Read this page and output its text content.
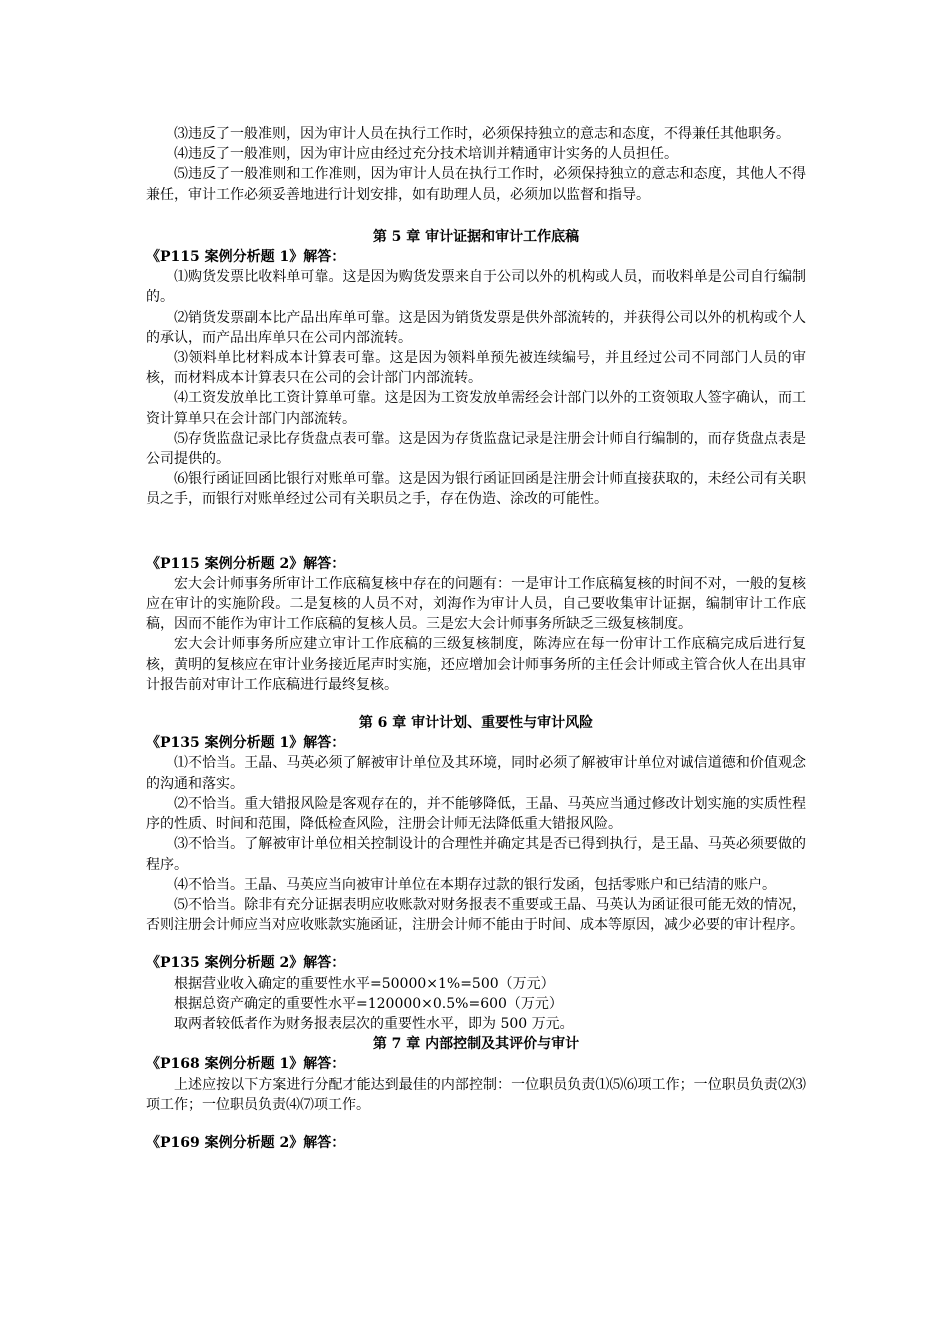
⑶违反了一般准则，因为审计人员在执行工作时，必须保持独立的意志和态度，不得兼任其他职务。
⑷违反了一般准则，因为审计应由经过充分技术培训并精通审计实务的人员担任。
⑸违反了一般准则和工作准则，因为审计人员在执行工作时，必须保持独立的意志和态度，其他人不得兼任，审计工作必须妥善地进行计划安排，如有助理人员，必须加以监督和指导。
第 5 章 审计证据和审计工作底稿
《P115 案例分析题 1》解答：
⑴购货发票比收料单可靠。这是因为购货发票来自于公司以外的机构或人员，而收料单是公司自行编制的。
⑵销货发票副本比产品出库单可靠。这是因为销货发票是供外部流转的，并获得公司以外的机构或个人的承认，而产品出库单只在公司内部流转。
⑶领料单比材料成本计算表可靠。这是因为领料单预先被连续编号，并且经过公司不同部门人员的审核，而材料成本计算表只在公司的会计部门内部流转。
⑷工资发放单比工资计算单可靠。这是因为工资发放单需经会计部门以外的工资领取人签字确认，而工资计算单只在会计部门内部流转。
⑸存货监盘记录比存货盘点表可靠。这是因为存货监盘记录是注册会计师自行编制的，而存货盘点表是公司提供的。
⑹银行函证回函比银行对账单可靠。这是因为银行函证回函是注册会计师直接获取的，未经公司有关职员之手，而银行对账单经过公司有关职员之手，存在伪造、涂改的可能性。
《P115 案例分析题 2》解答：
宏大会计师事务所审计工作底稿复核中存在的问题有：一是审计工作底稿复核的时间不对，一般的复核应在审计的实施阶段。二是复核的人员不对，刘海作为审计人员，自己要收集审计证据，编制审计工作底稿，因而不能作为审计工作底稿的复核人员。三是宏大会计师事务所缺乏三级复核制度。
宏大会计师事务所应建立审计工作底稿的三级复核制度，陈涛应在每一份审计工作底稿完成后进行复核，黄明的复核应在审计业务接近尾声时实施，还应增加会计师事务所的主任会计师或主管合伙人在出具审计报告前对审计工作底稿进行最终复核。
第 6 章 审计计划、重要性与审计风险
《P135 案例分析题 1》解答：
⑴不恰当。王晶、马英必须了解被审计单位及其环境，同时必须了解被审计单位对诚信道德和价值观念的沟通和落实。
⑵不恰当。重大错报风险是客观存在的，并不能够降低，王晶、马英应当通过修改计划实施的实质性程序的性质、时间和范围，降低检查风险，注册会计师无法降低重大错报风险。
⑶不恰当。了解被审计单位相关控制设计的合理性并确定其是否已得到执行，是王晶、马英必须要做的程序。
⑷不恰当。王晶、马英应当向被审计单位在本期存过款的银行发函，包括零账户和已结清的账户。
⑸不恰当。除非有充分证据表明应收账款对财务报表不重要或王晶、马英认为函证很可能无效的情况，否则注册会计师应当对应收账款实施函证，注册会计师不能由于时间、成本等原因，减少必要的审计程序。
《P135 案例分析题 2》解答：
根据营业收入确定的重要性水平=50000×1%=500（万元）
根据总资产确定的重要性水平=120000×0.5%=600（万元）
取两者较低者作为财务报表层次的重要性水平，即为 500 万元。
第 7 章 内部控制及其评价与审计
《P168 案例分析题 1》解答：
上述应按以下方案进行分配才能达到最佳的内部控制：一位职员负责⑴⑸⑹项工作；一位职员负责⑵⑶项工作；一位职员负责⑷⑺项工作。
《P169 案例分析题 2》解答：
